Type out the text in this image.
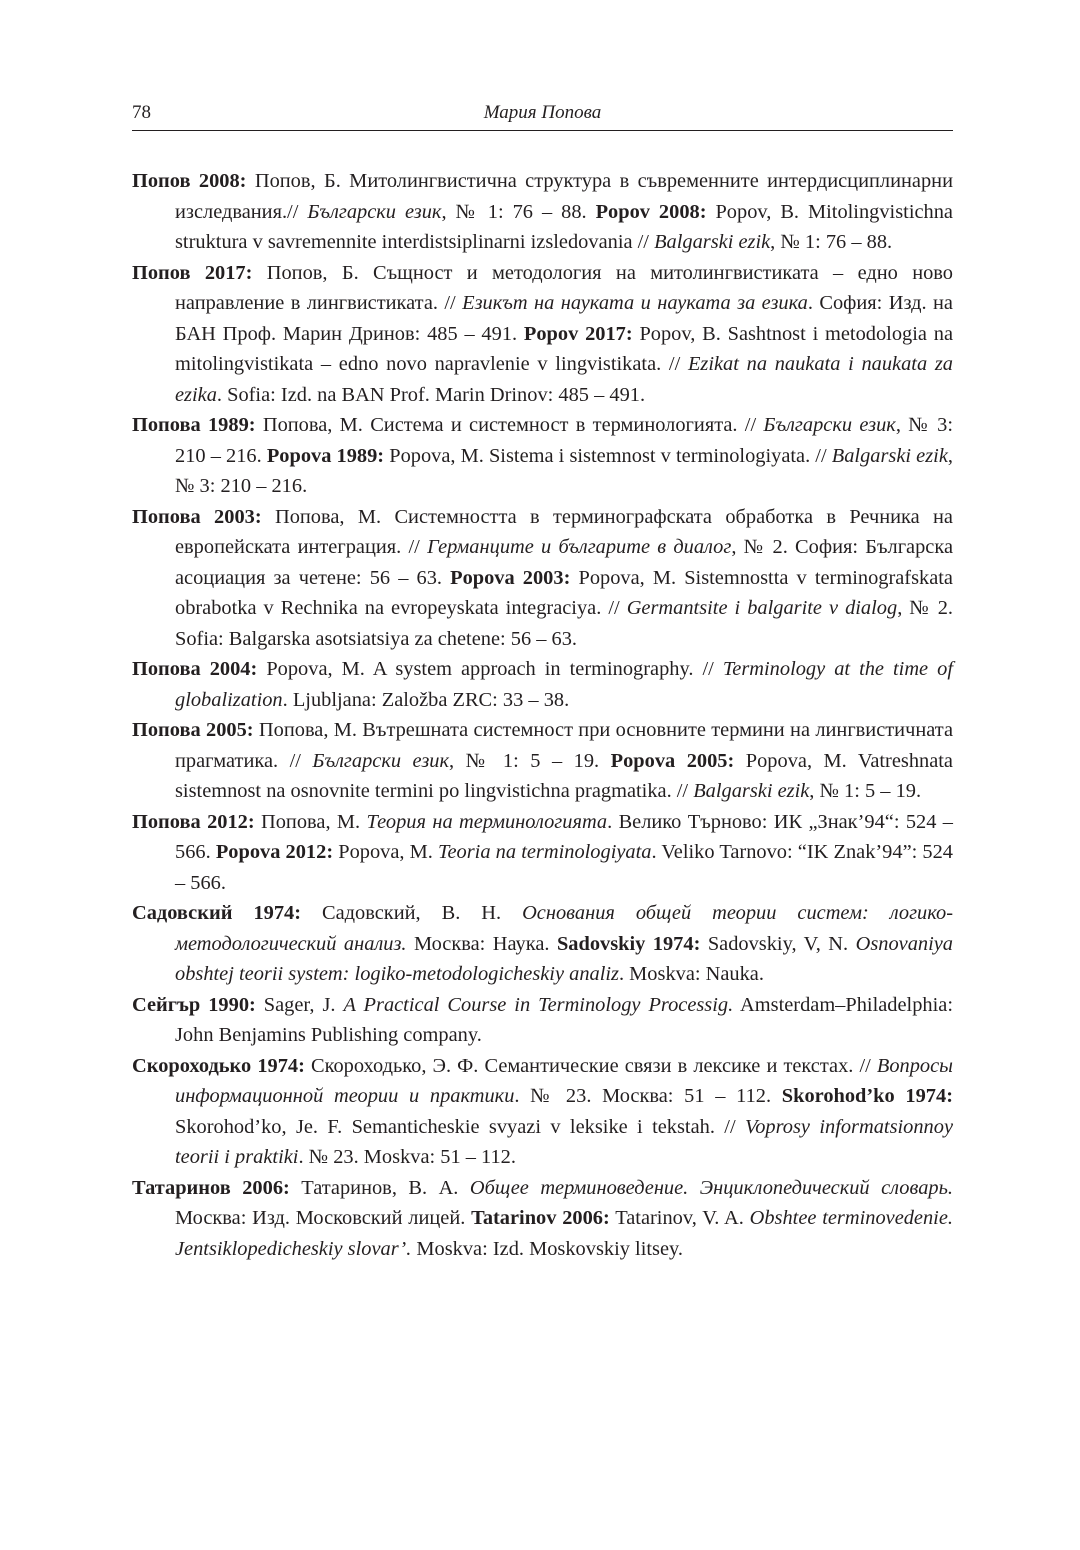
78	Мария Попова

Попов 2008: Попов, Б. Митолингвистична структура в съвременните интердисциплинарни изследвания.// Български език, № 1: 76 – 88. Popov 2008: Popov, B. Mitolingvistichna struktura v savremennite interdistsiplinarni izsledovania // Balgarski ezik, № 1: 76 – 88.

Попов 2017: Попов, Б. Същност и методология на митолингвистиката – едно ново направление в лингвистиката. // Езикът на науката и науката за езика. София: Изд. на БАН Проф. Марин Дринов: 485 – 491. Popov 2017: Popov, B. Sashtnost i metodologia na mitolingvistikata – edno novo napravlenie v lingvistikata. // Ezikat na naukata i naukata za ezika. Sofia: Izd. na BAN Prof. Marin Drinov: 485 – 491.

Попова 1989: Попова, М. Система и системност в терминологията. // Български език, № 3: 210 – 216. Popova 1989: Popova, M. Sistema i sistemnost v terminologiyata. // Balgarski ezik, № 3: 210 – 216.

Попова 2003: Попова, М. Системността в терминографската обработка в Речника на европейската интеграция. // Германците и българите в диалог, № 2. София: Българска асоциация за четене: 56 – 63. Popova 2003: Popova, M. Sistemnostta v terminografskata obrabotka v Rechnika na evropeyskata integraciya. // Germantsite i balgarite v dialog, № 2. Sofia: Balgarska asotsiatsiya za chetene: 56 – 63.

Попова 2004: Popova, M. A system approach in terminography. // Terminology at the time of globalization. Ljubljana: Založba ZRC: 33 – 38.

Попова 2005: Попова, М. Вътрешната системност при основните термини на лингвистичната прагматика. // Български език, № 1: 5 – 19. Popova 2005: Popova, M. Vatreshnata sistemnost na osnovnite termini po lingvistichna pragmatika. // Balgarski ezik, № 1: 5 – 19.

Попова 2012: Попова, М. Теория на терминологията. Велико Търново: ИК „Знак’94“: 524 – 566. Popova 2012: Popova, M. Teoria na terminologiyata. Veliko Tarnovo: “IK Znak’94”: 524 – 566.

Садовский 1974: Садовский, В. Н. Основания общей теории систем: логико-методологический анализ. Москва: Наука. Sadovskiy 1974: Sadovskiy, V, N. Osnovaniya obshtej teorii system: logiko-metodologicheskiy analiz. Moskva: Nauka.

Сейгър 1990: Sager, J. A Practical Course in Terminology Processig. Amsterdam–Philadelphia: John Benjamins Publishing company.

Скороходько 1974: Скороходько, Э. Ф. Семантические связи в лексике и текстах. // Вопросы информационной теории и практики. № 23. Москва: 51 – 112. Skorohod’ko 1974: Skorohod’ko, Je. F. Semanticheskie svyazi v leksike i tekstah. // Voprosy informatsionnoy teorii i praktiki. № 23. Moskva: 51 – 112.

Татаринов 2006: Татаринов, В. А. Общее терминоведение. Энциклопедический словарь. Москва: Изд. Московский лицей. Tatarinov 2006: Tatarinov, V. A. Obshtee terminovedenie. Jentsiklopedicheskiy slovar’. Moskva: Izd. Moskovskiy litsey.
